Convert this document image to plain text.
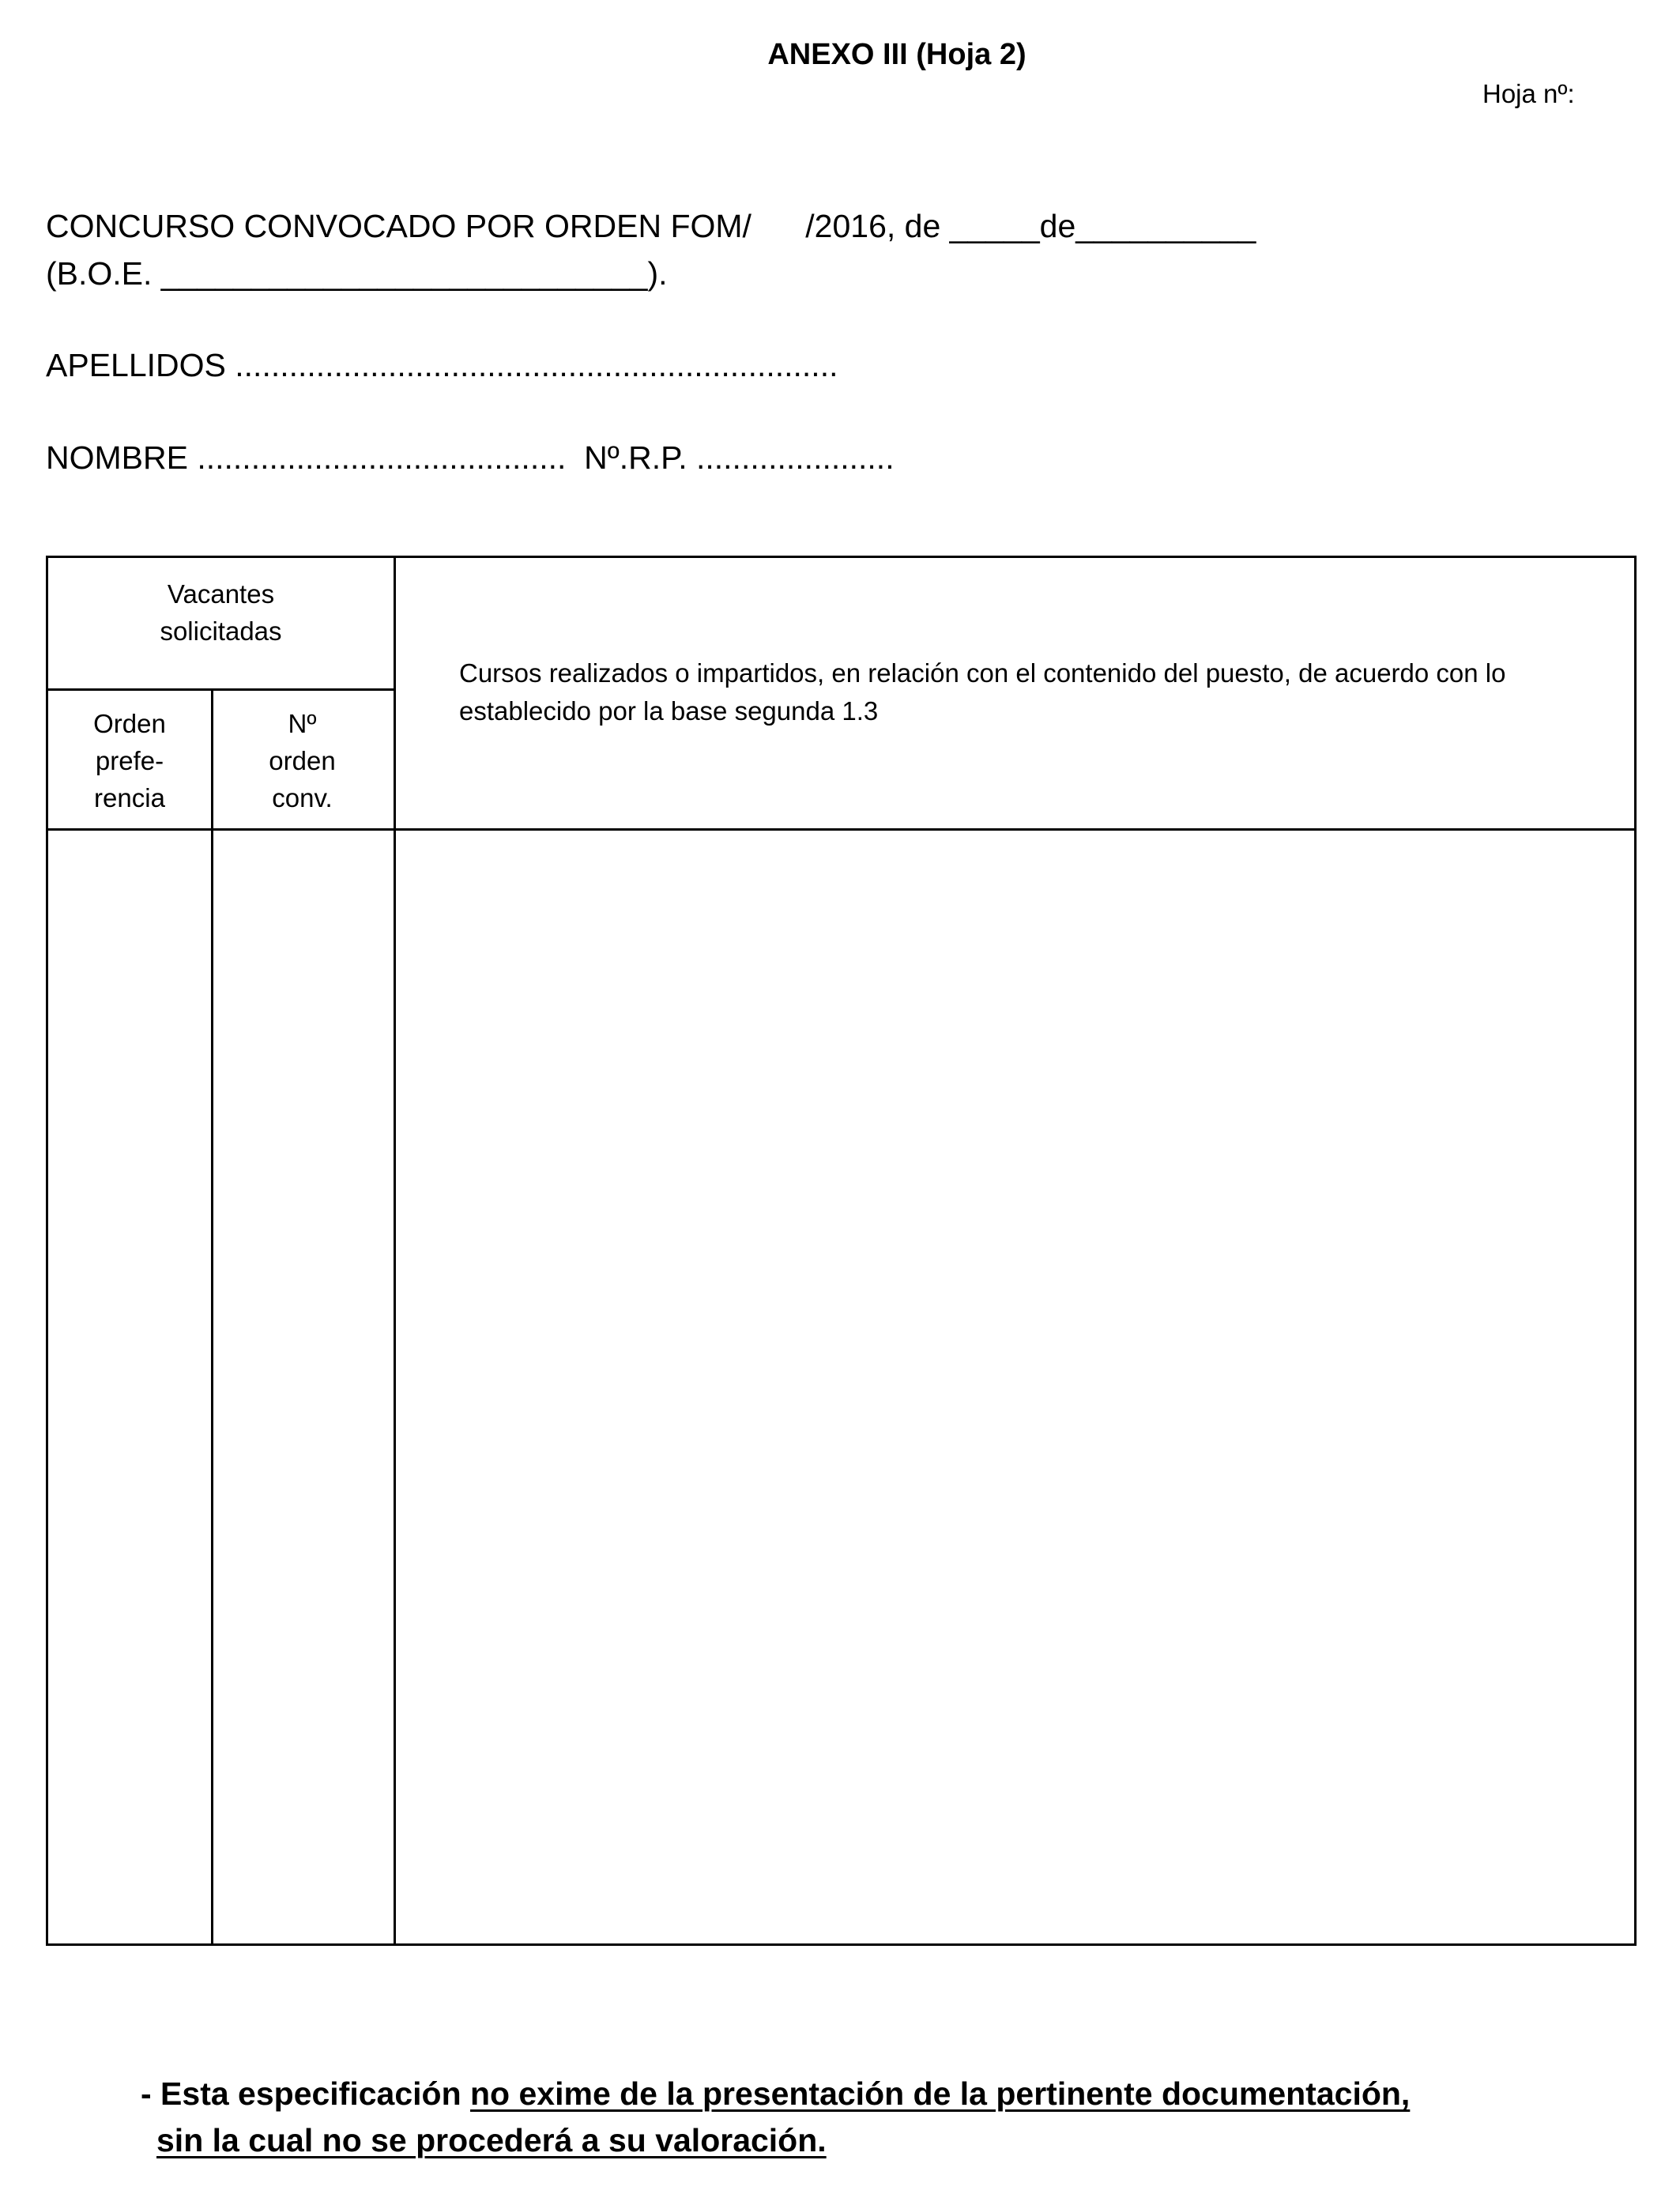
ANEXO III (Hoja 2)
Hoja nº:
CONCURSO CONVOCADO POR ORDEN FOM/      /2016, de _____de__________
(B.O.E. ___________________________).
APELLIDOS ...................................................................
NOMBRE .........................................  Nº.R.P. ......................
Vacantes solicitadas
Orden prefe-rencia
Nº orden conv.
Cursos realizados o impartidos, en relación con el contenido del puesto, de acuerdo con lo establecido por la base segunda 1.3
- Esta especificación no exime de la presentación de la pertinente documentación,
sin la cual no se procederá a su valoración.
